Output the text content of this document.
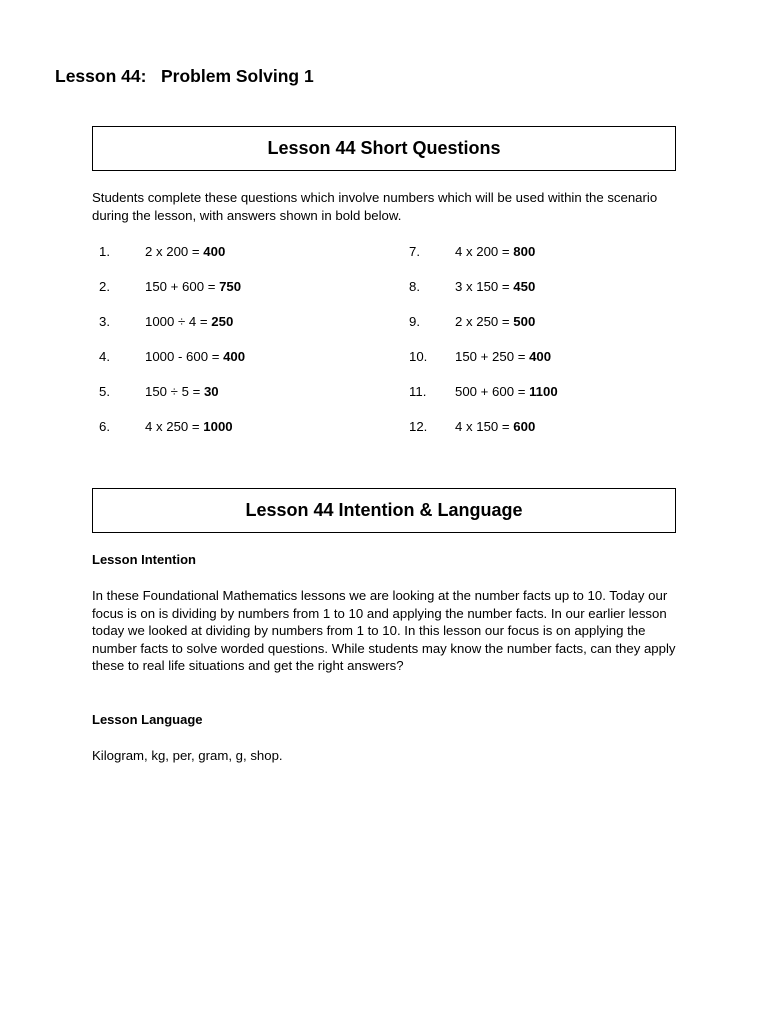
Lesson 44:   Problem Solving 1
Lesson 44 Short Questions
Students complete these questions which involve numbers which will be used within the scenario during the lesson, with answers shown in bold below.
1.	2 x 200 = 400
2.	150 + 600 = 750
3.	1000 ÷ 4 = 250
4.	1000 - 600 = 400
5.	150 ÷ 5 = 30
6.	4 x 250 = 1000
7.	4 x 200 = 800
8.	3 x 150 = 450
9.	2 x 250 = 500
10. 150 + 250 = 400
11. 500 + 600 = 1100
12. 4 x 150 = 600
Lesson 44 Intention & Language
Lesson Intention
In these Foundational Mathematics lessons we are looking at the number facts up to 10. Today our focus is on is dividing by numbers from 1 to 10 and applying the number facts. In our earlier lesson today we looked at dividing by numbers from 1 to 10. In this lesson our focus is on applying the number facts to solve worded questions. While students may know the number facts, can they apply these to real life situations and get the right answers?
Lesson Language
Kilogram, kg, per, gram, g, shop.
